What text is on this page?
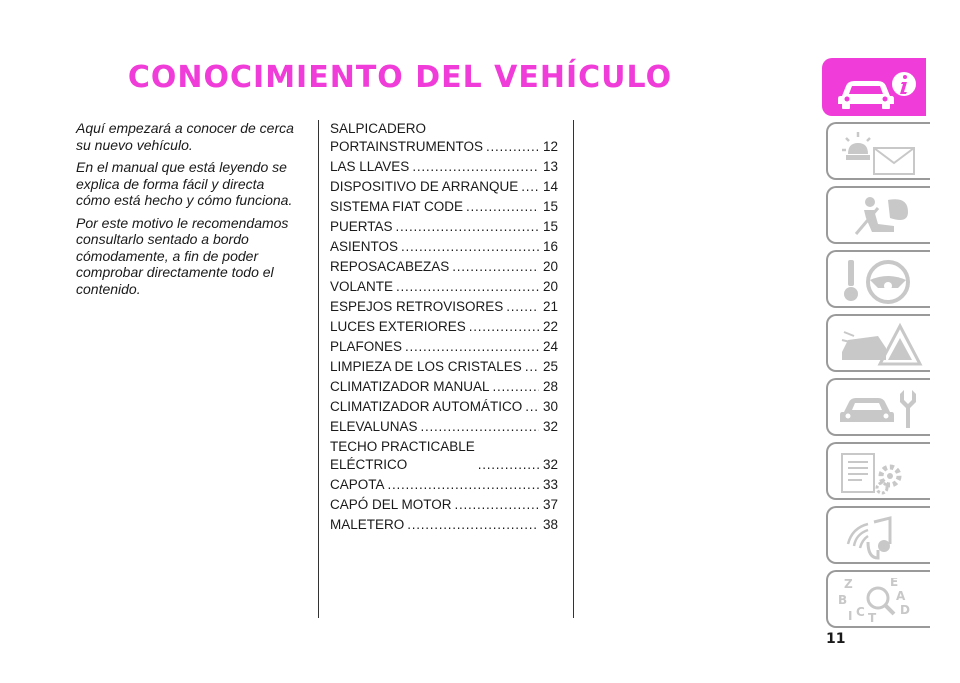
CONOCIMIENTO DEL VEHÍCULO

Aquí empezará a conocer de cerca su nuevo vehículo.

En el manual que está leyendo se explica de forma fácil y directa cómo está hecho y cómo funciona.

Por este motivo le recomendamos consultarlo sentado a bordo cómodamente, a fin de poder comprobar directamente todo el contenido.

SALPICADERO
PORTAINSTRUMENTOS . . .	12
LAS LLAVES . . .	13
DISPOSITIVO DE ARRANQUE . . . 14
SISTEMA FIAT CODE . . .	15
PUERTAS . . .	15
ASIENTOS . . .	16
REPOSACABEZAS . . .	20
VOLANTE . . .	20
ESPEJOS RETROVISORES . . .	21
LUCES EXTERIORES . . .	22
PLAFONES . . .	24
LIMPIEZA DE LOS CRISTALES . . . 25
CLIMATIZADOR MANUAL . . .	28
CLIMATIZADOR AUTOMÁTICO . . . 30
ELEVALUNAS . . .	32
TECHO PRACTICABLE
ELÉCTRICO . . .	32
CAPOTA . . .	33
CAPÓ DEL MOTOR . . .	37
MALETERO . . .	38
Z	E
B	A
I C T
D
11
